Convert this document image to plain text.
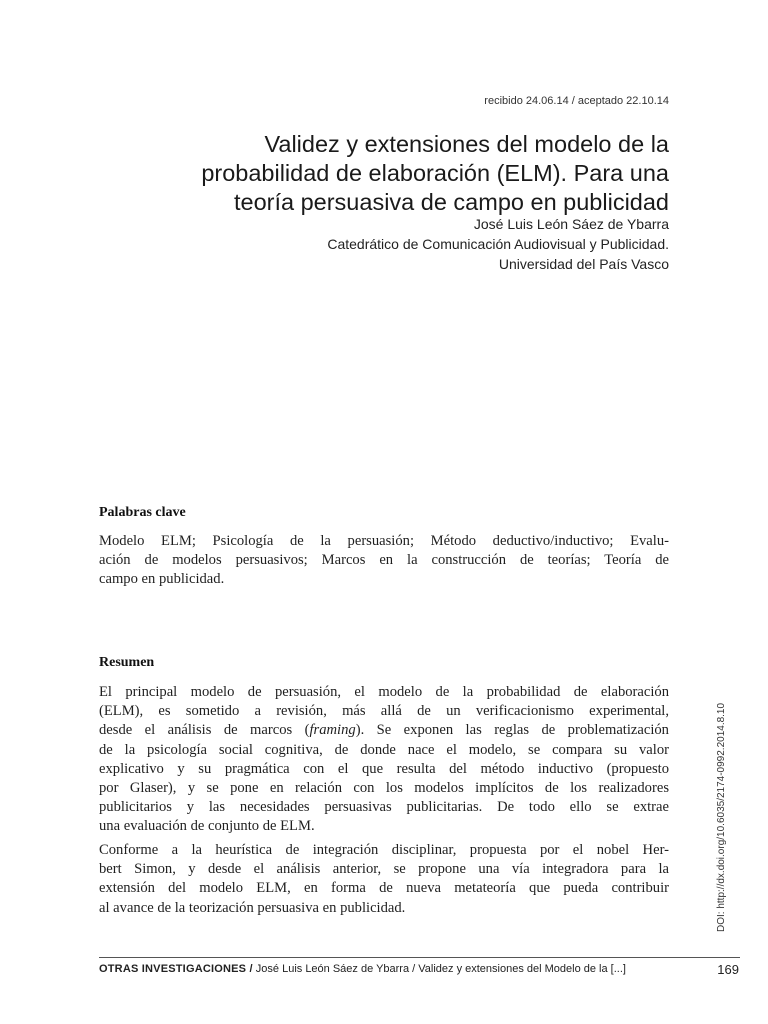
recibido 24.06.14 / aceptado 22.10.14
Validez y extensiones del modelo de la
probabilidad de elaboración (ELM). Para una
teoría persuasiva de campo en publicidad
José Luis León Sáez de Ybarra
Catedrático de Comunicación Audiovisual y Publicidad.
Universidad del País Vasco
Palabras clave
Modelo ELM; Psicología de la persuasión; Método deductivo/inductivo; Evalu-
ación de modelos persuasivos; Marcos en la construcción de teorías; Teoría de
campo en publicidad.
Resumen
El principal modelo de persuasión, el modelo de la probabilidad de elaboración
(ELM), es sometido a revisión, más allá de un verificacionismo experimental,
desde el análisis de marcos (framing). Se exponen las reglas de problematización
de la psicología social cognitiva, de donde nace el modelo, se compara su valor
explicativo y su pragmática con el que resulta del método inductivo (propuesto
por Glaser), y se pone en relación con los modelos implícitos de los realizadores
publicitarios y las necesidades persuasivas publicitarias. De todo ello se extrae
una evaluación de conjunto de ELM.
Conforme a la heurística de integración disciplinar, propuesta por el nobel Her-
bert Simon, y desde el análisis anterior, se propone una vía integradora para la
extensión del modelo ELM, en forma de nueva metateoría que pueda contribuir
al avance de la teorización persuasiva en publicidad.	DOI: http://dx.doi.org/10.6035/2174-0992.2014.8.10
OTRAS INVESTIGACIONES / José Luis León Sáez de Ybarra / Validez y extensiones del Modelo de la [...]	169
